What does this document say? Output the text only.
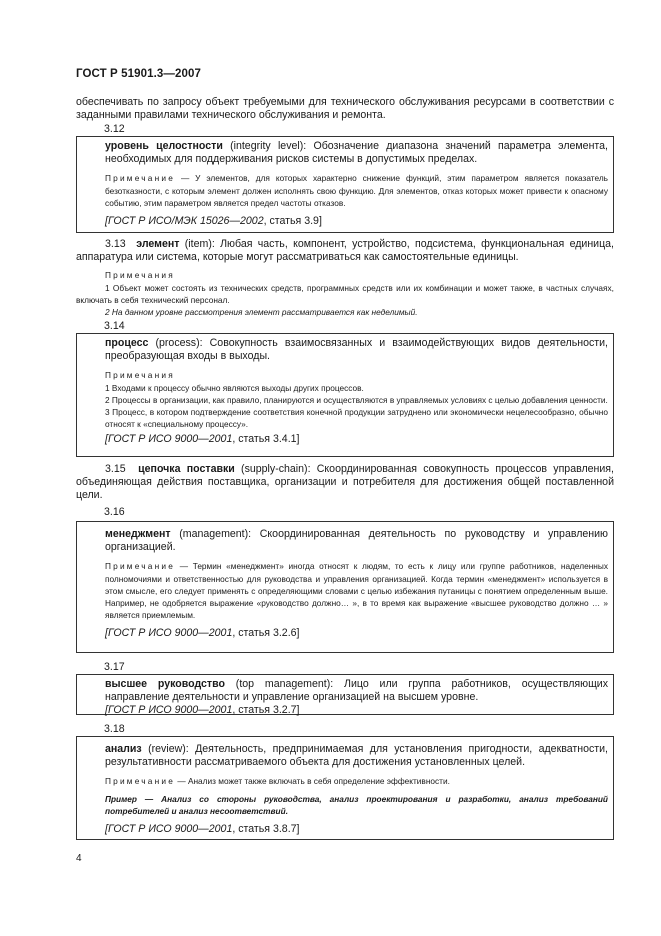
ГОСТ Р 51901.3—2007

обеспечивать по запросу объект требуемыми для технического обслуживания ресурсами в соответствии с заданными правилами технического обслуживания и ремонта.

3.12

уровень целостности (integrity level): Обозначение диапазона значений параметра элемента, необходимых для поддерживания рисков системы в допустимых пределах.

Примечание — У элементов, для которых характерно снижение функций, этим параметром является показатель безотказности, с которым элемент должен исполнять свою функцию. Для элементов, отказ которых может привести к опасному событию, этим параметром является предел частоты отказов.

[ГОСТ Р ИСО/МЭК 15026—2002, статья 3.9]

3.13 элемент (item): Любая часть, компонент, устройство, подсистема, функциональная единица, аппаратура или система, которые могут рассматриваться как самостоятельные единицы.

Примечания

1 Объект может состоять из технических средств, программных средств или их комбинации и может также, в частных случаях, включать в себя технический персонал.

2 На данном уровне рассмотрения элемент рассматривается как неделимый.

3.14

процесс (process): Совокупность взаимосвязанных и взаимодействующих видов деятельности, преобразующая входы в выходы.

Примечания

1 Входами к процессу обычно являются выходы других процессов.

2 Процессы в организации, как правило, планируются и осуществляются в управляемых условиях с целью добавления ценности.

3 Процесс, в котором подтверждение соответствия конечной продукции затруднено или экономически нецелесообразно, обычно относят к «специальному процессу».

[ГОСТ Р ИСО 9000—2001, статья 3.4.1]

3.15 цепочка поставки (supply-chain): Скоординированная совокупность процессов управления, объединяющая действия поставщика, организации и потребителя для достижения общей поставленной цели.

3.16

менеджмент (management): Скоординированная деятельность по руководству и управлению организацией.

Примечание — Термин «менеджмент» иногда относят к людям, то есть к лицу или группе работников, наделенных полномочиями и ответственностью для руководства и управления организацией. Когда термин «менеджмент» используется в этом смысле, его следует применять с определяющими словами с целью избежания путаницы с понятием определенным выше. Например, не одобряется выражение «руководство должно… », в то время как выражение «высшее руководство должно … » является приемлемым.

[ГОСТ Р ИСО 9000—2001, статья 3.2.6]

3.17

высшее руководство (top management): Лицо или группа работников, осуществляющих направление деятельности и управление организацией на высшем уровне.

[ГОСТ Р ИСО 9000—2001, статья 3.2.7]

3.18

анализ (review): Деятельность, предпринимаемая для установления пригодности, адекватности, результативности рассматриваемого объекта для достижения установленных целей.

Примечание — Анализ может также включать в себя определение эффективности.

Пример — Анализ со стороны руководства, анализ проектирования и разработки, анализ требований потребителей и анализ несоответствий.

[ГОСТ Р ИСО 9000—2001, статья 3.8.7]

4
